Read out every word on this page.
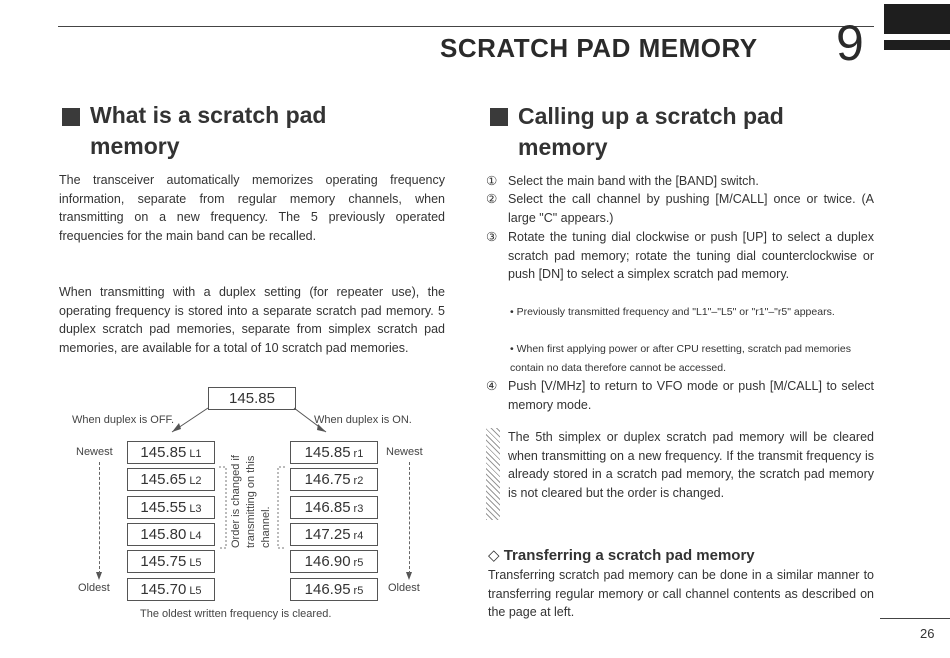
SCRATCH PAD MEMORY 9
What is a scratch pad
memory
The transceiver automatically memorizes operating frequency information, separate from regular memory channels, when transmitting on a new frequency. The 5 previously operated frequencies for the main band can be recalled.
When transmitting with a duplex setting (for repeater use), the operating frequency is stored into a separate scratch pad memory. 5 duplex scratch pad memories, separate from simplex scratch pad memories, are available for a total of 10 scratch pad memories.
145.85
When duplex is OFF.	When duplex is ON.
Newest	Newest
Oldest	Oldest
145.85 L1
145.65 L2
145.55 L3
145.80 L4
145.75 L5
145.70 L5
145.85 r1
146.75 r2
146.85 r3
147.25 r4
146.90 r5
146.95 r5
Order is changed if transmitting on this channel.
The oldest written frequency is cleared.
Calling up a scratch pad
memory
① Select the main band with the [BAND] switch.
② Select the call channel by pushing [M/CALL] once or twice. (A large "C" appears.)
③ Rotate the tuning dial clockwise or push [UP] to select a duplex scratch pad memory; rotate the tuning dial counterclockwise or push [DN] to select a simplex scratch pad memory.
• Previously transmitted frequency and "L1"–"L5" or "r1"–"r5" appears.
• When first applying power or after CPU resetting, scratch pad memories contain no data therefore cannot be accessed.
④ Push [V/MHz] to return to VFO mode or push [M/CALL] to select memory mode.
The 5th simplex or duplex scratch pad memory will be cleared when transmitting on a new frequency. If the transmit frequency is already stored in a scratch pad memory, the scratch pad memory is not cleared but the order is changed.
◇ Transferring a scratch pad memory
Transferring scratch pad memory can be done in a similar manner to transferring regular memory or call channel contents as described on the page at left.
26
